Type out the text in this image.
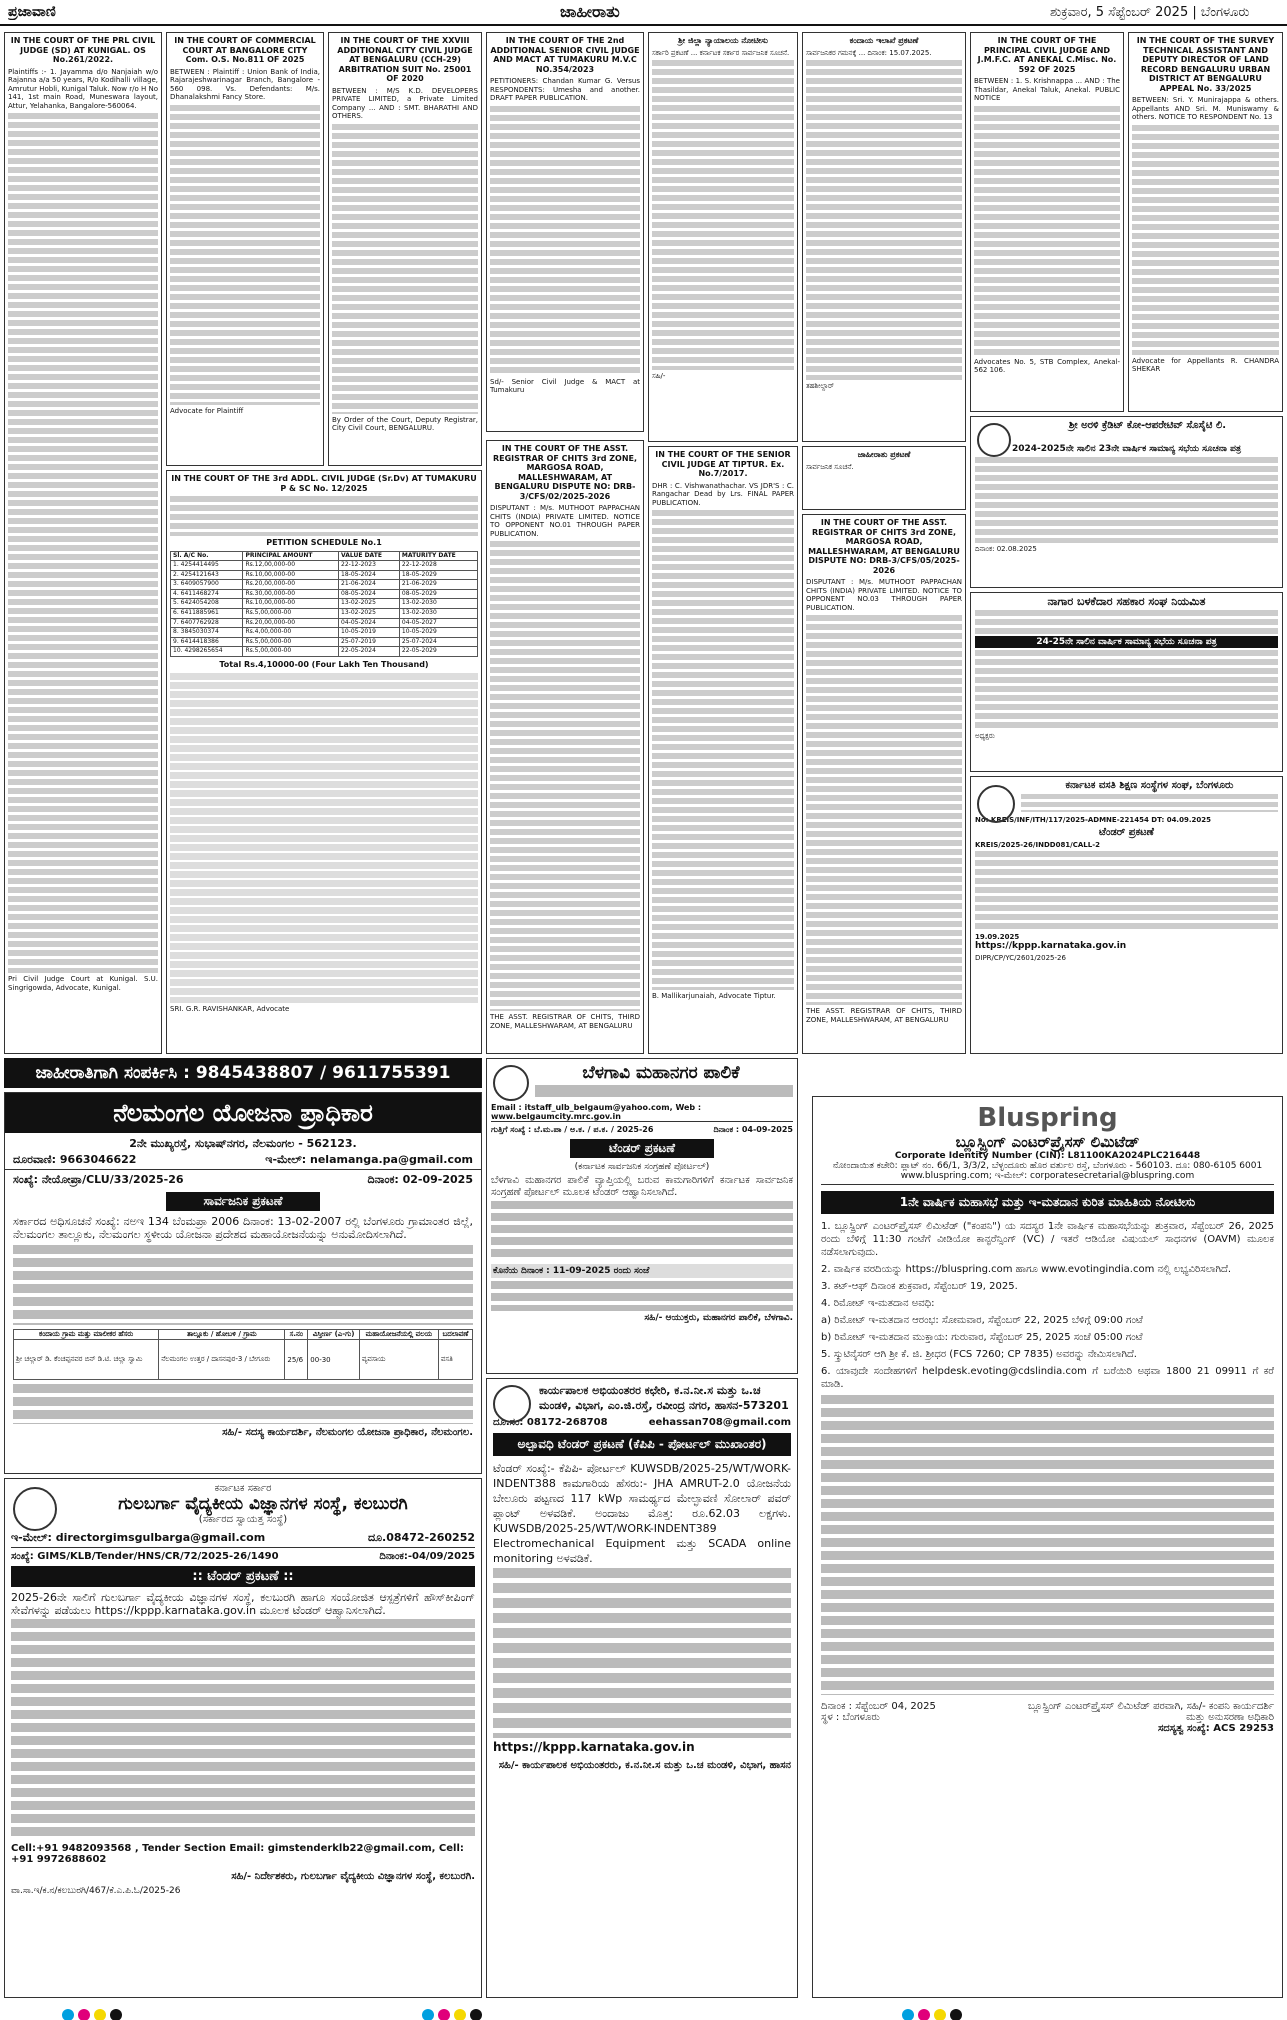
ಪ್ರಜಾವಾಣಿ	ಜಾಹೀರಾತು	ಶುಕ್ರವಾರ, 5 ಸೆಪ್ಟೆಂಬರ್ 2025 | ಬೆಂಗಳೂರು
IN THE COURT OF THE PRL CIVIL JUDGE (SD) AT KUNIGAL. OS No.261/2022.

Plaintiffs :- 1. Jayamma d/o Nanjaiah w/o Rajanna a/a 50 years, R/o Kodihalli village, Amrutur Hobli, Kunigal Taluk. Now r/o H No 141, 1st main Road, Muneswara layout, Attur, Yelahanka, Bangalore-560064.

Pri Civil Judge Court at Kunigal. S.U. Singrigowda, Advocate, Kunigal.

IN THE COURT OF COMMERCIAL COURT AT BANGALORE CITY Com. O.S. No.811 OF 2025

BETWEEN : Plaintiff : Union Bank of India, Rajarajeshwarinagar Branch, Bangalore - 560 098. Vs. Defendants: M/s. Dhanalakshmi Fancy Store.

Advocate for Plaintiff

IN THE COURT OF THE XXVIII ADDITIONAL CITY CIVIL JUDGE AT BENGALURU (CCH-29) ARBITRATION SUIT No. 25001 OF 2020

BETWEEN : M/S K.D. DEVELOPERS PRIVATE LIMITED, a Private Limited Company ... AND : SMT. BHARATHI AND OTHERS.

By Order of the Court, Deputy Registrar, City Civil Court, BENGALURU.

IN THE COURT OF THE 2nd ADDITIONAL SENIOR CIVIL JUDGE AND MACT AT TUMAKURU M.V.C NO.354/2023

PETITIONERS: Chandan Kumar G. Versus RESPONDENTS: Umesha and another. DRAFT PAPER PUBLICATION.

Sd/- Senior Civil Judge & MACT at Tumakuru

ಶ್ರೀ ಜಿಲ್ಲಾ ನ್ಯಾಯಾಲಯ ನೋಟೀಸು

ಸರ್ಕಾರಿ ಪ್ರಕಟಣೆ ... ಕರ್ನಾಟಕ ಸರ್ಕಾರ ಸಾರ್ವಜನಿಕ ಸೂಚನೆ.

ಸಹಿ/-

ಕಂದಾಯ ಇಲಾಖೆ ಪ್ರಕಟಣೆ

ಸಾರ್ವಜನಿಕರ ಗಮನಕ್ಕೆ ... ದಿನಾಂಕ: 15.07.2025.

ತಹಶೀಲ್ದಾರ್

IN THE COURT OF THE PRINCIPAL CIVIL JUDGE AND J.M.F.C. AT ANEKAL C.Misc. No. 592 OF 2025

BETWEEN : 1. S. Krishnappa ... AND : The Thasildar, Anekal Taluk, Anekal. PUBLIC NOTICE

Advocates No. 5, STB Complex, Anekal-562 106.

IN THE COURT OF THE SURVEY TECHNICAL ASSISTANT AND DEPUTY DIRECTOR OF LAND RECORD BENGALURU URBAN DISTRICT AT BENGALURU APPEAL No. 33/2025

BETWEEN: Sri. Y. Munirajappa & others. Appellants AND Sri. M. Muniswamy & others. NOTICE TO RESPONDENT No. 13

Advocate for Appellants R. CHANDRA SHEKAR

IN THE COURT OF THE 3rd ADDL. CIVIL JUDGE (Sr.Dv) AT TUMAKURU P & SC No. 12/2025
PETITION SCHEDULE No.1
Sl. A/C No.	PRINCIPAL AMOUNT	VALUE DATE	MATURITY DATE
1. 4254414495	Rs.12,00,000-00	22-12-2023	22-12-2028
2. 4254121643	Rs.10,00,000-00	18-05-2024	18-05-2029
3. 6409057900	Rs.20,00,000-00	21-06-2024	21-06-2029
4. 6411468274	Rs.30,00,000-00	08-05-2024	08-05-2029
5. 6424054208	Rs.10,00,000-00	13-02-2025	13-02-2030
6. 6411885961	Rs.5,00,000-00	13-02-2025	13-02-2030
7. 6407762928	Rs.20,00,000-00	04-05-2024	04-05-2027
8. 3845030374	Rs.4,00,000-00	10-05-2019	10-05-2029
9. 6414418386	Rs.5,00,000-00	25-07-2019	25-07-2024
10. 4298265654	Rs.5,00,000-00	22-05-2024	22-05-2029
Total Rs.4,10000-00 (Four Lakh Ten Thousand)

SRI. G.R. RAVISHANKAR, Advocate

IN THE COURT OF THE ASST. REGISTRAR OF CHITS 3rd ZONE, MARGOSA ROAD, MALLESHWARAM, AT BENGALURU DISPUTE NO: DRB-3/CFS/02/2025-2026

DISPUTANT : M/s. MUTHOOT PAPPACHAN CHITS (INDIA) PRIVATE LIMITED. NOTICE TO OPPONENT NO.01 THROUGH PAPER PUBLICATION.

THE ASST. REGISTRAR OF CHITS, THIRD ZONE, MALLESHWARAM, AT BENGALURU

IN THE COURT OF THE SENIOR CIVIL JUDGE AT TIPTUR. Ex. No.7/2017.

DHR : C. Vishwanathachar. VS JDR'S : C. Rangachar Dead by Lrs. FINAL PAPER PUBLICATION.

B. Mallikarjunaiah, Advocate Tiptur.

ಜಾಹೀರಾತು ಪ್ರಕಟಣೆ

ಸಾರ್ವಜನಿಕ ಸೂಚನೆ.

IN THE COURT OF THE ASST. REGISTRAR OF CHITS 3rd ZONE, MARGOSA ROAD, MALLESHWARAM, AT BENGALURU DISPUTE NO: DRB-3/CFS/05/2025-2026

DISPUTANT : M/s. MUTHOOT PAPPACHAN CHITS (INDIA) PRIVATE LIMITED. NOTICE TO OPPONENT NO.03 THROUGH PAPER PUBLICATION.

THE ASST. REGISTRAR OF CHITS, THIRD ZONE, MALLESHWARAM, AT BENGALURU

ಶ್ರೀ ಅರಳಿ ಕ್ರೆಡಿಟ್ ಕೋ-ಆಪರೇಟಿವ್ ಸೊಸೈಟಿ ಲಿ.
2024-2025ನೇ ಸಾಲಿನ 23ನೇ ವಾರ್ಷಿಕ ಸಾಮಾನ್ಯ ಸಭೆಯ ಸೂಚನಾ ಪತ್ರ

ದಿನಾಂಕ: 02.08.2025

ನಾಗಾರ ಬಳಕೆದಾರ ಸಹಕಾರ ಸಂಘ ನಿಯಮಿತ
24-25ನೇ ಸಾಲಿನ ವಾರ್ಷಿಕ ಸಾಮಾನ್ಯ ಸಭೆಯ ಸೂಚನಾ ಪತ್ರ

ಅಧ್ಯಕ್ಷರು

ಕರ್ನಾಟಕ ವಸತಿ ಶಿಕ್ಷಣ ಸಂಸ್ಥೆಗಳ ಸಂಘ, ಬೆಂಗಳೂರು
No: KREIS/INF/ITH/117/2025-ADMNE-221454 DT: 04.09.2025
ಟೆಂಡರ್ ಪ್ರಕಟಣೆ
KREIS/2025-26/INDD081/CALL-2
19.09.2025
https://kppp.karnataka.gov.in

DIPR/CP/YC/2601/2025-26

ಜಾಹೀರಾತಿಗಾಗಿ ಸಂಪರ್ಕಿಸಿ : 9845438807 / 9611755391
ನೆಲಮಂಗಲ ಯೋಜನಾ ಪ್ರಾಧಿಕಾರ
2ನೇ ಮುಖ್ಯರಸ್ತೆ, ಸುಭಾಷ್‌ನಗರ, ನೆಲಮಂಗಲ - 562123.
ದೂರವಾಣಿ: 9663046622	ಇ-ಮೇಲ್: nelamanga.pa@gmail.com
ಸಂಖ್ಯೆ: ನೇಯೋಪ್ರಾ/CLU/33/2025-26	ದಿನಾಂಕ: 02-09-2025
ಸಾರ್ವಜನಿಕ ಪ್ರಕಟಣೆ
ಸರ್ಕಾರದ ಅಧಿಸೂಚನೆ ಸಂಖ್ಯೆ: ನಅಇ 134 ಬೆಂಮಪ್ರಾ 2006 ದಿನಾಂಕ: 13-02-2007 ರಲ್ಲಿ ಬೆಂಗಳೂರು ಗ್ರಾಮಾಂತರ ಜಿಲ್ಲೆ, ನೆಲಮಂಗಲ ತಾಲ್ಲೂಕು, ನೆಲಮಂಗಲ ಸ್ಥಳೀಯ ಯೋಜನಾ ಪ್ರದೇಶದ ಮಹಾಯೋಜನೆಯನ್ನು ಅನುಮೋದಿಸಲಾಗಿದೆ.
ಕಂದಾಯ ಗ್ರಾಮ ಮತ್ತು ಮಾಲೀಕರ ಹೆಸರು	ತಾಲ್ಲೂಕು / ಹೋಬಳಿ / ಗ್ರಾಮ	ಸ.ನಂ	ವಿಸ್ತೀರ್ಣ (ಎ-ಗು)	ಮಹಾಯೋಜನೆಯಲ್ಲಿ ವಲಯ	ಬದಲಾವಣೆ
ಶ್ರೀ ಚಲ್ಲಾರ್ ಡಿ. ಕೆಂಚಪ್ಪನವರ ಬಿನ್ ಡಿ.ಟಿ. ಚಲ್ಲಾ ಸ್ವಾಮಿ	ನೆಲಮಂಗಲ ಉತ್ತರ / ದಾಸನಪುರ-3 / ಬೇಗೂರು	25/6	00-30	ವ್ಯವಸಾಯ	ವಸತಿ
ಸಹಿ/- ಸದಸ್ಯ ಕಾರ್ಯದರ್ಶಿ, ನೆಲಮಂಗಲ ಯೋಜನಾ ಪ್ರಾಧಿಕಾರ, ನೆಲಮಂಗಲ.
ಕರ್ನಾಟಕ ಸರ್ಕಾರ
ಗುಲಬರ್ಗಾ ವೈದ್ಯಕೀಯ ವಿಜ್ಞಾನಗಳ ಸಂಸ್ಥೆ, ಕಲಬುರಗಿ
(ಸರ್ಕಾರದ ಸ್ವಾಯತ್ತ ಸಂಸ್ಥೆ)
ಇ-ಮೇಲ್: directorgimsgulbarga@gmail.com	ದೂ.08472-260252
ಸಂಖ್ಯೆ: GIMS/KLB/Tender/HNS/CR/72/2025-26/1490	ದಿನಾಂಕ:-04/09/2025
:: ಟೆಂಡರ್ ಪ್ರಕಟಣೆ ::
2025-26ನೇ ಸಾಲಿಗೆ ಗುಲಬರ್ಗಾ ವೈದ್ಯಕೀಯ ವಿಜ್ಞಾನಗಳ ಸಂಸ್ಥೆ, ಕಲಬುರಗಿ ಹಾಗೂ ಸಂಯೋಜಿತ ಆಸ್ಪತ್ರೆಗಳಿಗೆ ಹೌಸ್‌ಕೀಪಿಂಗ್ ಸೇವೆಗಳನ್ನು ಪಡೆಯಲು https://kppp.karnataka.gov.in ಮೂಲಕ ಟೆಂಡರ್ ಆಹ್ವಾನಿಸಲಾಗಿದೆ.
Cell:+91 9482093568 , Tender Section Email: gimstenderklb22@gmail.com, Cell: +91 9972688602
ಸಹಿ/- ನಿರ್ದೇಶಕರು, ಗುಲಬರ್ಗಾ ವೈದ್ಯಕೀಯ ವಿಜ್ಞಾನಗಳ ಸಂಸ್ಥೆ, ಕಲಬುರಗಿ.
ವಾ.ಸಾ.ಇ/ಕ.ನ/ಕಲಬುರಗಿ/467/ಕೆ.ಎ.ಪಿ.ಓ/2025-26
ಬೆಳಗಾವಿ ಮಹಾನಗರ ಪಾಲಿಕೆ
Email : itstaff_ulb_belgaum@yahoo.com, Web : www.belgaumcity.mrc.gov.in
ಗುತ್ತಿಗೆ ಸಂಖ್ಯೆ : ಬೆ.ಮ.ಪಾ / ಅ.ಕ. / ಪ.ಕ. / 2025-26	ದಿನಾಂಕ : 04-09-2025
ಟೆಂಡರ್ ಪ್ರಕಟಣೆ
(ಕರ್ನಾಟಕ ಸಾರ್ವಜನಿಕ ಸಂಗ್ರಹಣೆ ಪೋರ್ಟಲ್)
ಬೆಳಗಾವಿ ಮಹಾನಗರ ಪಾಲಿಕೆ ವ್ಯಾಪ್ತಿಯಲ್ಲಿ ಬರುವ ಕಾಮಗಾರಿಗಳಿಗೆ ಕರ್ನಾಟಕ ಸಾರ್ವಜನಿಕ ಸಂಗ್ರಹಣೆ ಪೋರ್ಟಲ್ ಮೂಲಕ ಟೆಂಡರ್ ಆಹ್ವಾನಿಸಲಾಗಿದೆ.
ಕೊನೆಯ ದಿನಾಂಕ : 11-09-2025 ರಂದು ಸಂಜೆ
ಸಹಿ/- ಆಯುಕ್ತರು, ಮಹಾನಗರ ಪಾಲಿಕೆ, ಬೆಳಗಾವಿ.
ಕಾರ್ಯಪಾಲಕ ಅಭಿಯಂತರರ ಕಛೇರಿ, ಕ.ನ.ನೀ.ಸ ಮತ್ತು ಒ.ಚ ಮಂಡಳಿ, ವಿಭಾಗ, ಎಂ.ಜಿ.ರಸ್ತೆ, ರವೀಂದ್ರ ನಗರ, ಹಾಸನ-573201
ದೂ.ಸಂ: 08172-268708	eehassan708@gmail.com
ಅಲ್ಪಾವಧಿ ಟೆಂಡರ್ ಪ್ರಕಟಣೆ (ಕೆಪಿಪಿ - ಪೋರ್ಟಲ್ ಮುಖಾಂತರ)
ಟೆಂಡರ್ ಸಂಖ್ಯೆ:- ಕೆಪಿಪಿ- ಪೋರ್ಟಲ್ KUWSDB/2025-25/WT/WORK-INDENT388 ಕಾಮಗಾರಿಯ ಹೆಸರು:- JHA AMRUT-2.0 ಯೋಜನೆಯ ಬೇಲೂರು ಪಟ್ಟಣದ 117 kWp ಸಾಮರ್ಥ್ಯದ ಮೇಲ್ಛಾವಣಿ ಸೋಲಾರ್ ಪವರ್ ಪ್ಲಾಂಟ್ ಅಳವಡಿಕೆ. ಅಂದಾಜು ಮೊತ್ತ: ರೂ.62.03 ಲಕ್ಷಗಳು. KUWSDB/2025-25/WT/WORK-INDENT389 Electromechanical Equipment ಮತ್ತು SCADA online monitoring ಅಳವಡಿಕೆ.
https://kppp.karnataka.gov.in
ಸಹಿ/- ಕಾರ್ಯಪಾಲಕ ಅಭಿಯಂತರರು, ಕ.ನ.ನೀ.ಸ ಮತ್ತು ಒ.ಚ ಮಂಡಳಿ, ವಿಭಾಗ, ಹಾಸನ
Bluspring
ಬ್ಲೂಸ್ಪ್ರಿಂಗ್ ಎಂಟರ್‌ಪ್ರೈಸಸ್ ಲಿಮಿಟೆಡ್
Corporate Identity Number (CIN): L81100KA2024PLC216448
ನೋಂದಾಯಿತ ಕಚೇರಿ: ಪ್ಲಾಟ್ ನಂ. 66/1, 3/3/2, ಬೆಳ್ಳಂದೂರು ಹೊರ ವರ್ತುಲ ರಸ್ತೆ, ಬೆಂಗಳೂರು - 560103. ದೂ: 080-6105 6001
www.bluspring.com; ಇ-ಮೇಲ್: corporatesecretarial@bluspring.com
1ನೇ ವಾರ್ಷಿಕ ಮಹಾಸಭೆ ಮತ್ತು ಇ-ಮತದಾನ ಕುರಿತ ಮಾಹಿತಿಯ ನೋಟೀಸು

1. ಬ್ಲೂಸ್ಪ್ರಿಂಗ್ ಎಂಟರ್‌ಪ್ರೈಸಸ್ ಲಿಮಿಟೆಡ್ ("ಕಂಪನಿ") ಯ ಸದಸ್ಯರ 1ನೇ ವಾರ್ಷಿಕ ಮಹಾಸಭೆಯನ್ನು ಶುಕ್ರವಾರ, ಸೆಪ್ಟೆಂಬರ್ 26, 2025 ರಂದು ಬೆಳಿಗ್ಗೆ 11:30 ಗಂಟೆಗೆ ವೀಡಿಯೋ ಕಾನ್ಫರೆನ್ಸಿಂಗ್ (VC) / ಇತರೆ ಆಡಿಯೋ ವಿಷುಯಲ್ ಸಾಧನಗಳ (OAVM) ಮೂಲಕ ನಡೆಸಲಾಗುವುದು.

2. ವಾರ್ಷಿಕ ವರದಿಯನ್ನು https://bluspring.com ಹಾಗೂ www.evotingindia.com ನಲ್ಲಿ ಲಭ್ಯವಿರಿಸಲಾಗಿದೆ.

3. ಕಟ್-ಆಫ್ ದಿನಾಂಕ ಶುಕ್ರವಾರ, ಸೆಪ್ಟೆಂಬರ್ 19, 2025.

4. ರಿಮೋಟ್ ಇ-ಮತದಾನ ಅವಧಿ:

a) ರಿಮೋಟ್ ಇ-ಮತದಾನ ಆರಂಭ: ಸೋಮವಾರ, ಸೆಪ್ಟೆಂಬರ್ 22, 2025 ಬೆಳಿಗ್ಗೆ 09:00 ಗಂಟೆ

b) ರಿಮೋಟ್ ಇ-ಮತದಾನ ಮುಕ್ತಾಯ: ಗುರುವಾರ, ಸೆಪ್ಟೆಂಬರ್ 25, 2025 ಸಂಜೆ 05:00 ಗಂಟೆ

5. ಸ್ಕ್ರುಟಿನೈಸರ್ ಆಗಿ ಶ್ರೀ ಕೆ. ಜಿ. ಶ್ರೀಧರ (FCS 7260; CP 7835) ಅವರನ್ನು ನೇಮಿಸಲಾಗಿದೆ.

6. ಯಾವುದೇ ಸಂದೇಹಗಳಿಗೆ helpdesk.evoting@cdslindia.com ಗೆ ಬರೆಯಿರಿ ಅಥವಾ 1800 21 09911 ಗೆ ಕರೆ ಮಾಡಿ.

ದಿನಾಂಕ : ಸೆಪ್ಟೆಂಬರ್ 04, 2025
ಸ್ಥಳ : ಬೆಂಗಳೂರು
ಬ್ಲೂಸ್ಪ್ರಿಂಗ್ ಎಂಟರ್‌ಪ್ರೈಸಸ್ ಲಿಮಿಟೆಡ್ ಪರವಾಗಿ, ಸಹಿ/- ಕಂಪನಿ ಕಾರ್ಯದರ್ಶಿ ಮತ್ತು ಅನುಸರಣಾ ಅಧಿಕಾರಿ
ಸದಸ್ಯತ್ವ ಸಂಖ್ಯೆ: ACS 29253
